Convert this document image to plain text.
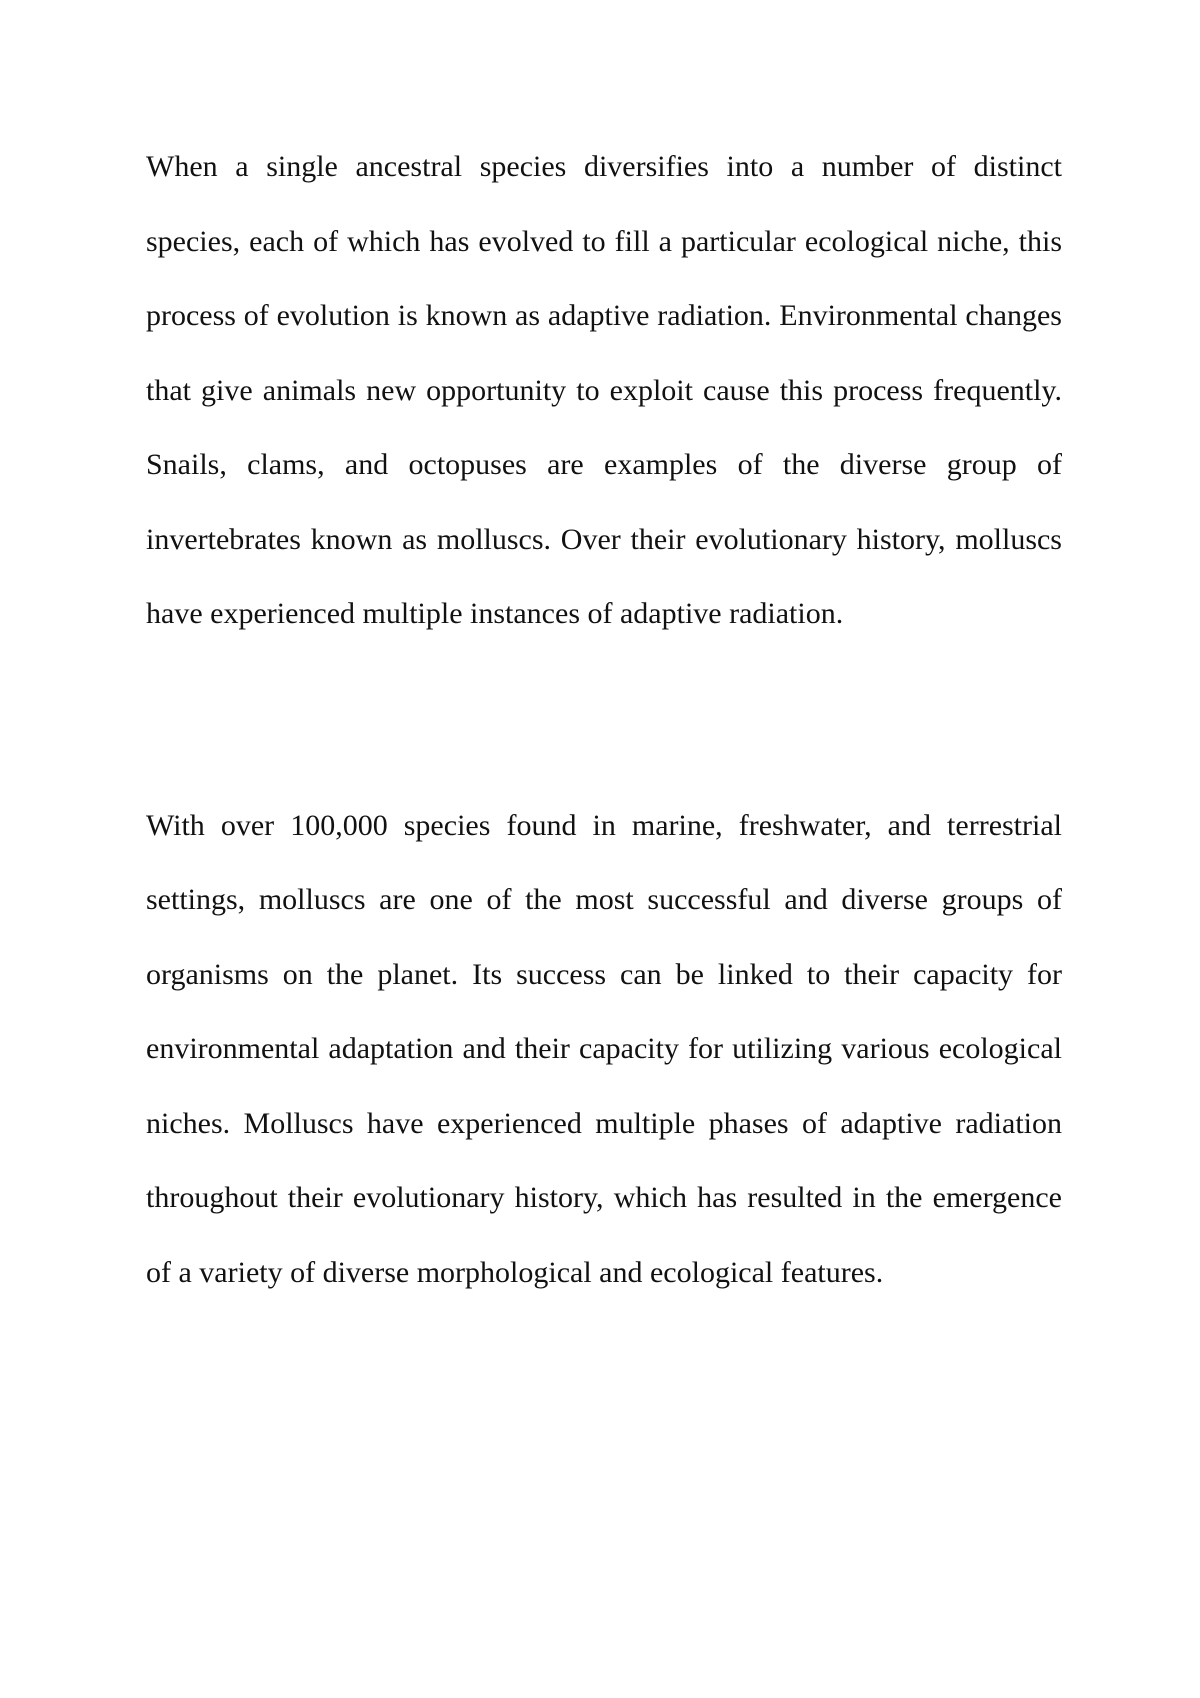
When a single ancestral species diversifies into a number of distinct species, each of which has evolved to fill a particular ecological niche, this process of evolution is known as adaptive radiation. Environmental changes that give animals new opportunity to exploit cause this process frequently. Snails, clams, and octopuses are examples of the diverse group of invertebrates known as molluscs. Over their evolutionary history, molluscs have experienced multiple instances of adaptive radiation.

With over 100,000 species found in marine, freshwater, and terrestrial settings, molluscs are one of the most successful and diverse groups of organisms on the planet. Its success can be linked to their capacity for environmental adaptation and their capacity for utilizing various ecological niches. Molluscs have experienced multiple phases of adaptive radiation throughout their evolutionary history, which has resulted in the emergence of a variety of diverse morphological and ecological features.
